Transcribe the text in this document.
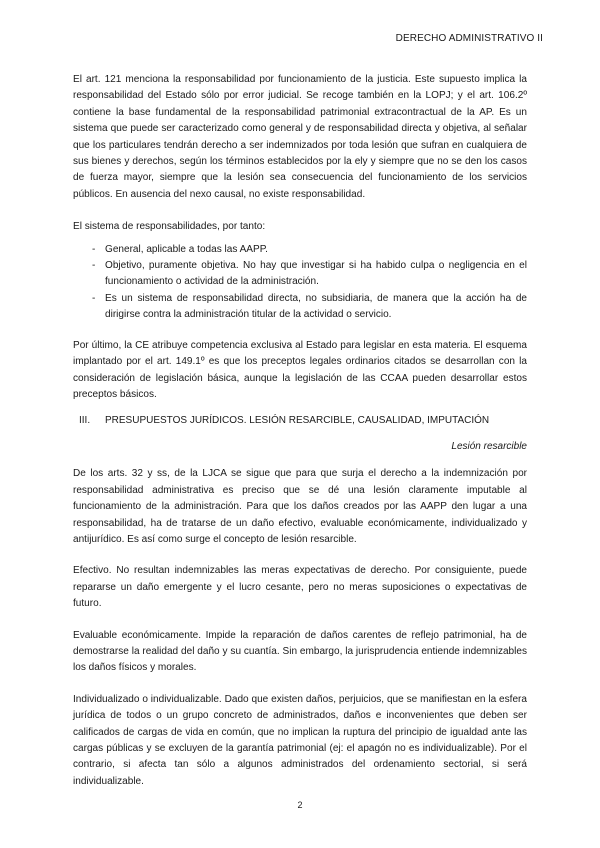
DERECHO ADMINISTRATIVO II

El art. 121 menciona la responsabilidad por funcionamiento de la justicia. Este supuesto implica la responsabilidad del Estado sólo por error judicial. Se recoge también en la LOPJ; y el art. 106.2º contiene la base fundamental de la responsabilidad patrimonial extracontractual de la AP. Es un sistema que puede ser caracterizado como general y de responsabilidad directa y objetiva, al señalar que los particulares tendrán derecho a ser indemnizados por toda lesión que sufran en cualquiera de sus bienes y derechos, según los términos establecidos por la ely y siempre que no se den los casos de fuerza mayor, siempre que la lesión sea consecuencia del funcionamiento de los servicios públicos. En ausencia del nexo causal, no existe responsabilidad.

El sistema de responsabilidades, por tanto:

- General, aplicable a todas las AAPP.
- Objetivo, puramente objetiva. No hay que investigar si ha habido culpa o negligencia en el funcionamiento o actividad de la administración.
- Es un sistema de responsabilidad directa, no subsidiaria, de manera que la acción ha de dirigirse contra la administración titular de la actividad o servicio.

Por último, la CE atribuye competencia exclusiva al Estado para legislar en esta materia. El esquema implantado por el art. 149.1º es que los preceptos legales ordinarios citados se desarrollan con la consideración de legislación básica, aunque la legislación de las CCAA pueden desarrollar estos preceptos básicos.

III.	PRESUPUESTOS JURÍDICOS. LESIÓN RESARCIBLE, CAUSALIDAD, IMPUTACIÓN
Lesión resarcible

De los arts. 32 y ss, de la LJCA se sigue que para que surja el derecho a la indemnización por responsabilidad administrativa es preciso que se dé una lesión claramente imputable al funcionamiento de la administración. Para que los daños creados por las AAPP den lugar a una responsabilidad, ha de tratarse de un daño efectivo, evaluable económicamente, individualizado y antijurídico. Es así como surge el concepto de lesión resarcible.

Efectivo. No resultan indemnizables las meras expectativas de derecho. Por consiguiente, puede repararse un daño emergente y el lucro cesante, pero no meras suposiciones o expectativas de futuro.

Evaluable económicamente. Impide la reparación de daños carentes de reflejo patrimonial, ha de demostrarse la realidad del daño y su cuantía. Sin embargo, la jurisprudencia entiende indemnizables los daños físicos y morales.

Individualizado o individualizable. Dado que existen daños, perjuicios, que se manifiestan en la esfera jurídica de todos o un grupo concreto de administrados, daños e inconvenientes que deben ser calificados de cargas de vida en común, que no implican la ruptura del principio de igualdad ante las cargas públicas y se excluyen de la garantía patrimonial (ej: el apagón no es individualizable). Por el contrario, si afecta tan sólo a algunos administrados del ordenamiento sectorial, si será individualizable.

2
